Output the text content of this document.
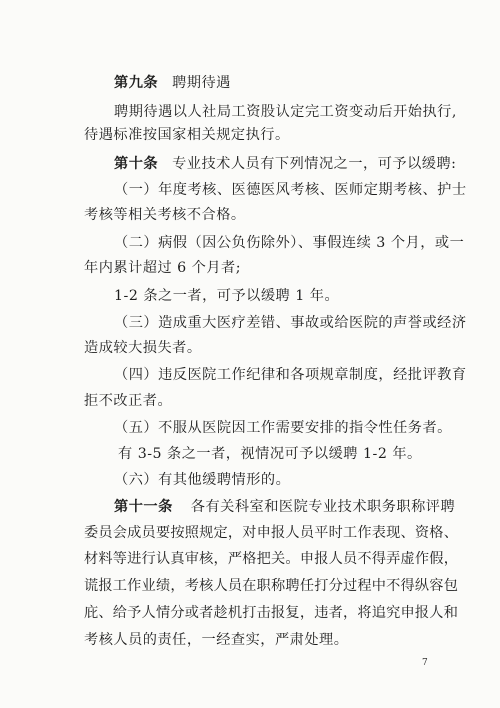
第九条 聘期待遇
聘期待遇以人社局工资股认定完工资变动后开始执行,
待遇标准按国家相关规定执行。
第十条 专业技术人员有下列情况之一，可予以缓聘:
（一）年度考核、医德医风考核、医师定期考核、护士
考核等相关考核不合格。
（二）病假（因公负伤除外）、事假连续 3 个月，或一
年内累计超过 6 个月者;
1-2 条之一者，可予以缓聘 1 年。
（三）造成重大医疗差错、事故或给医院的声誉或经济
造成较大损失者。
（四）违反医院工作纪律和各项规章制度，经批评教育
拒不改正者。
（五）不服从医院因工作需要安排的指令性任务者。
有 3-5 条之一者，视情况可予以缓聘 1-2 年。
（六）有其他缓聘情形的。
第十一条 各有关科室和医院专业技术职务职称评聘
委员会成员要按照规定，对申报人员平时工作表现、资格、
材料等进行认真审核，严格把关。申报人员不得弄虚作假，
谎报工作业绩，考核人员在职称聘任打分过程中不得纵容包
庇、给予人情分或者趁机打击报复，违者，将追究申报人和
考核人员的责任，一经查实，严肃处理。
7
